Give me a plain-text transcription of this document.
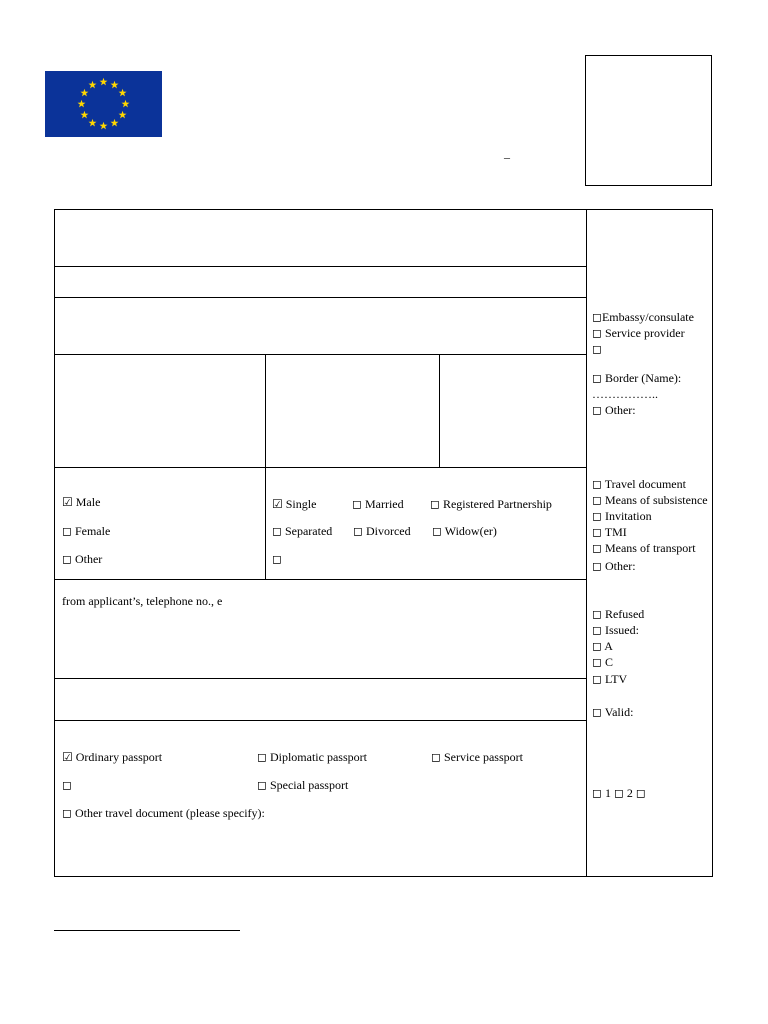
–
☑ Male
◻ Female
◻ Other
☑ Single	◻ Married ◻ Registered Partnership
◻ Separated ◻ Divorced ◻ Widow(er)
◻
from applicant’s, telephone no., e
☑ Ordinary passport	◻ Diplomatic passport	◻ Service passport
◻	◻ Special passport
◻ Other travel document (please specify):
◻Embassy/consulate
◻ Service provider
◻
◻ Border (Name):
……………..
◻ Other:
◻ Travel document
◻ Means of subsistence
◻ Invitation
◻ TMI
◻ Means of transport
◻ Other:
◻ Refused
◻ Issued:
◻ A
◻ C
◻ LTV
◻ Valid:
◻ 1 ◻ 2 ◻
